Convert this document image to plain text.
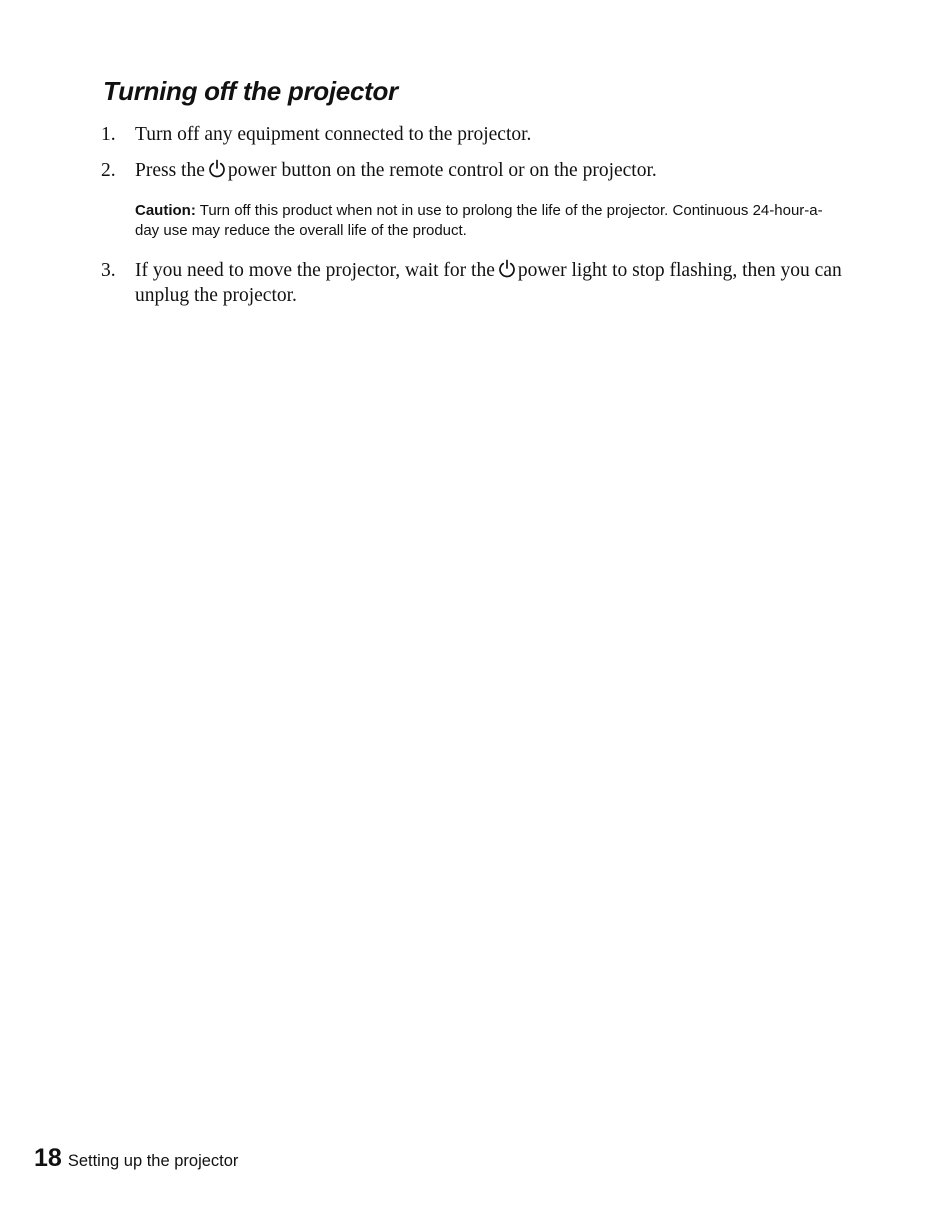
Turning off the projector
1. Turn off any equipment connected to the projector.
2. Press the power button on the remote control or on the projector.

Caution: Turn off this product when not in use to prolong the life of the projector. Continuous 24-hour-a-day use may reduce the overall life of the product.

3. If you need to move the projector, wait for the power light to stop flashing, then you can unplug the projector.
18 Setting up the projector
